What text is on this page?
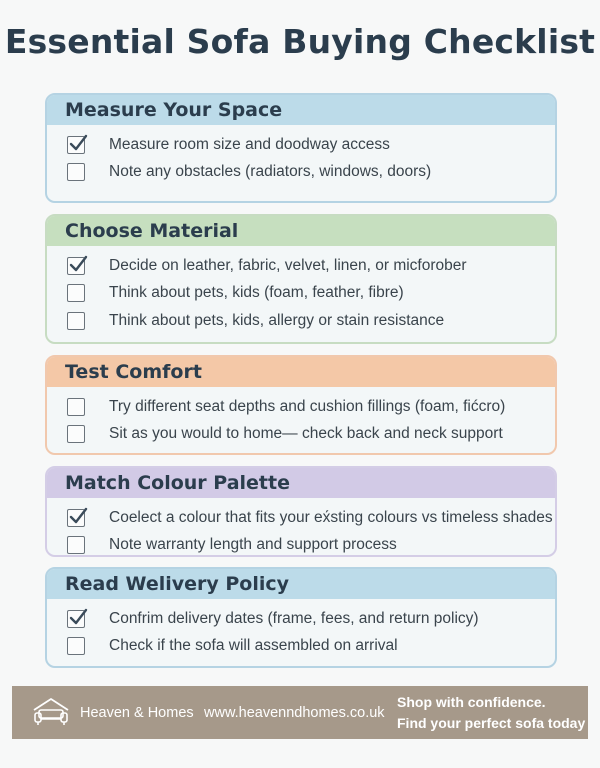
Essential Sofa Buying Checklist
Measure Your Space
Measure room size and doodway access
Note any obstacles (radiators, windows, doors)
Choose Material
Decide on leather, fabric, velvet, linen, or micforober
Think about pets, kids (foam, feather, fibre)
Think about pets, kids, allergy or stain resistance
Test Comfort
Try different seat depths and cushion fillings (foam, fićcro)
Sit as you would to home— check back and neck support
Match Colour Palette
Coelect a colour that fits your ex́sting colours vs timeless shades
Note warranty length and support process
Read Welivery Policy
Confrim delivery dates (frame, fees, and return policy)
Check if the sofa will assembled on arrival
Heaven & Homes www.heavenndhomes.co.uk
Shop with confidence.
Find your perfect sofa today
